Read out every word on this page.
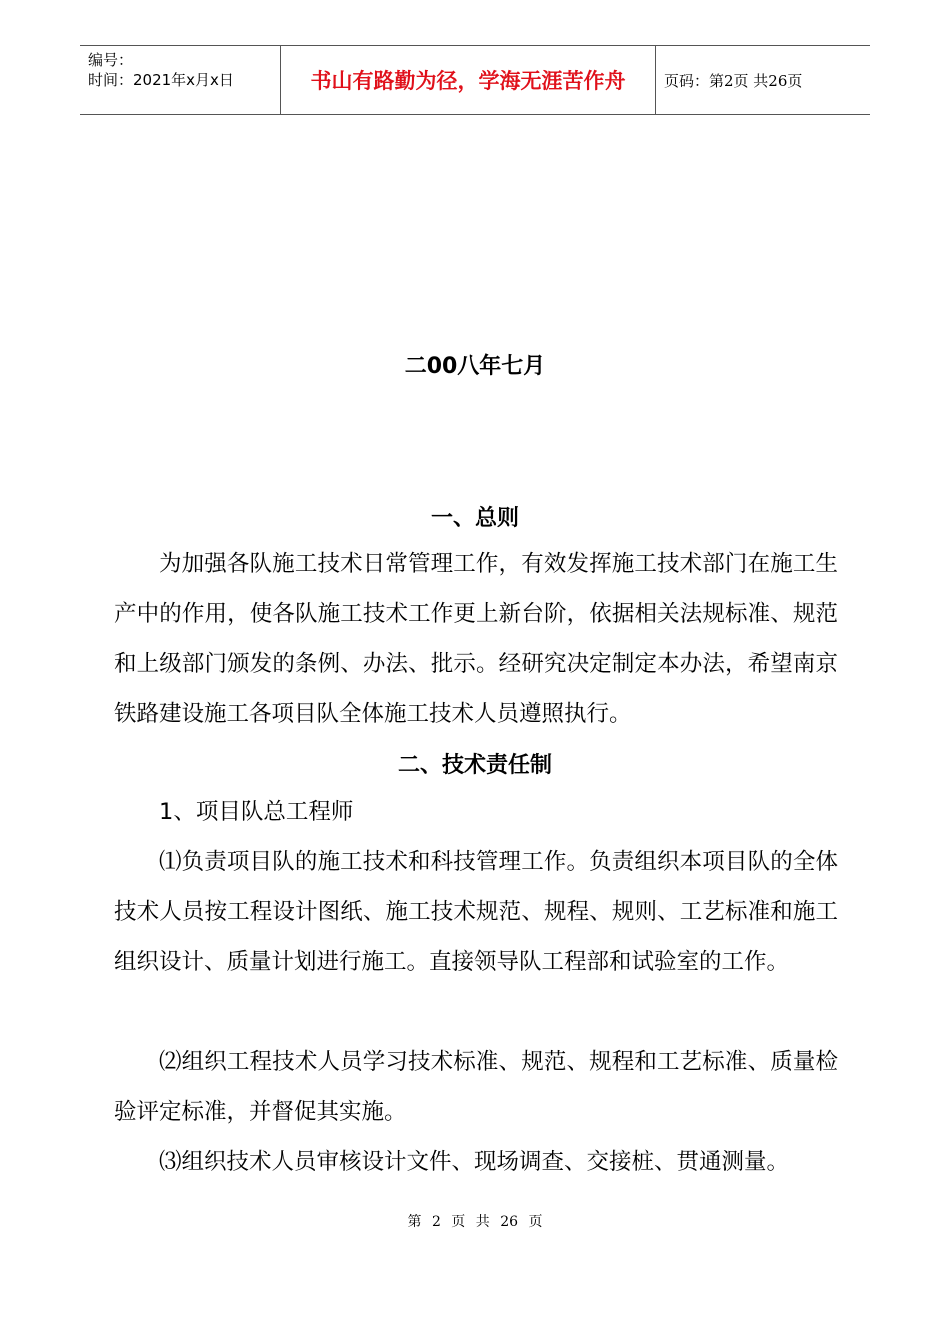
编号：
时间：2021年x月x日	书山有路勤为径，学海无涯苦作舟	页码：第2页 共26页
二00八年七月
一、总则
为加强各队施工技术日常管理工作，有效发挥施工技术部门在施工生产中的作用，使各队施工技术工作更上新台阶，依据相关法规标准、规范和上级部门颁发的条例、办法、批示。经研究决定制定本办法，希望南京铁路建设施工各项目队全体施工技术人员遵照执行。
二、技术责任制
1、项目队总工程师
⑴负责项目队的施工技术和科技管理工作。负责组织本项目队的全体技术人员按工程设计图纸、施工技术规范、规程、规则、工艺标准和施工组织设计、质量计划进行施工。直接领导队工程部和试验室的工作。
⑵组织工程技术人员学习技术标准、规范、规程和工艺标准、质量检验评定标准，并督促其实施。
⑶组织技术人员审核设计文件、现场调查、交接桩、贯通测量。
第 2 页 共 26 页
